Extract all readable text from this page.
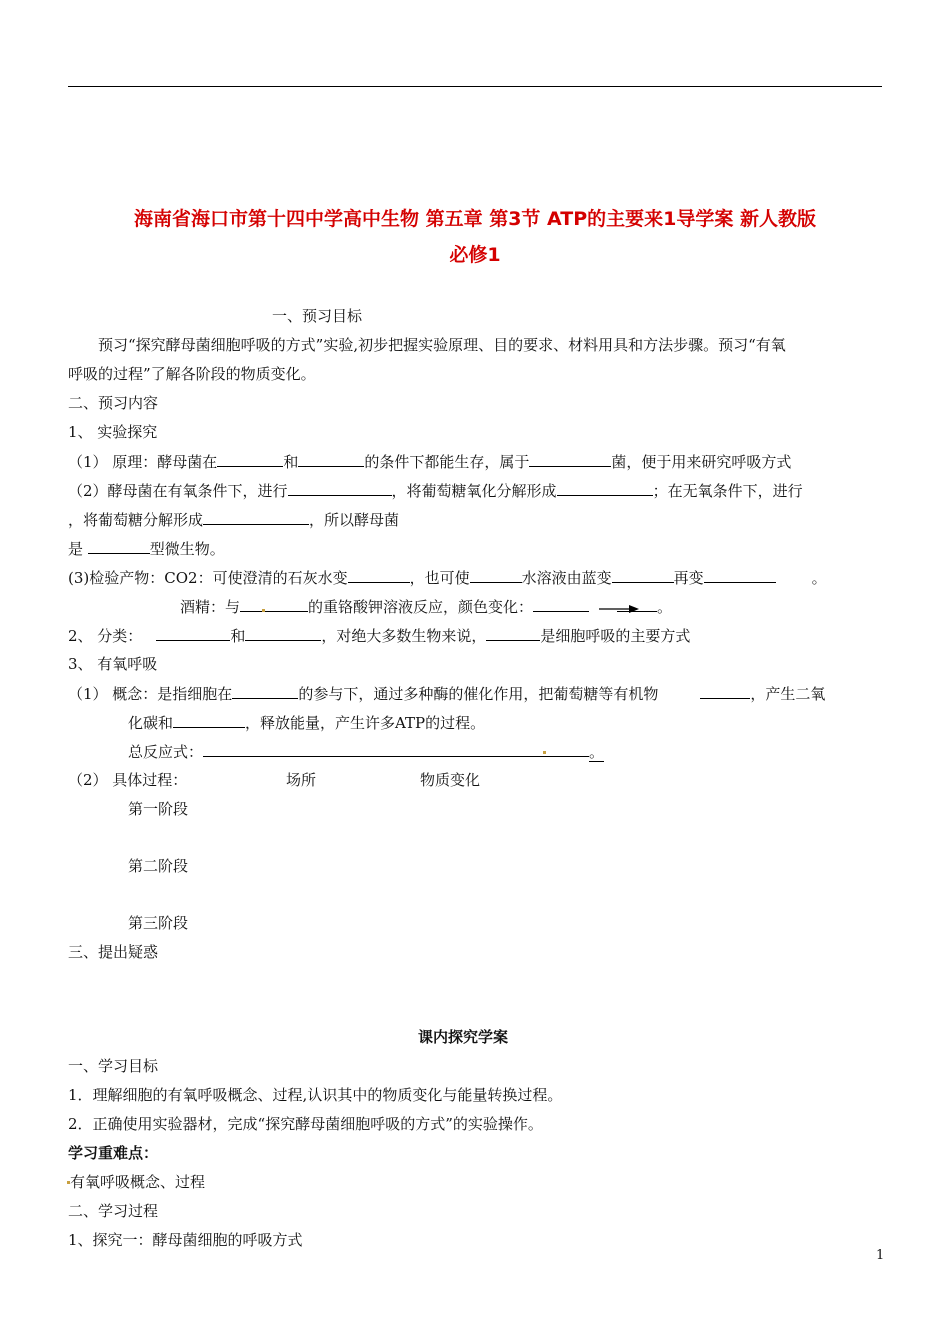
海南省海口市第十四中学高中生物 第五章 第3节 ATP的主要来1导学案 新人教版
必修1
一、预习目标
预习“探究酵母菌细胞呼吸的方式”实验,初步把握实验原理、目的要求、材料用具和方法步骤。预习“有氧
呼吸的过程”了解各阶段的物质变化。
二、预习内容
1、 实验探究
（1） 原理：酵母菌在	和	的条件下都能生存，属于	菌，便于用来研究呼吸方式
（2）酵母菌在有氧条件下，进行	，将葡萄糖氧化分解形成	；在无氧条件下，进行
，将葡萄糖分解形成	，所以酵母菌
是	型微生物。
(3)检验产物：CO2：可使澄清的石灰水变	，也可使	水溶液由蓝变	再变	。
酒精：与	的重铬酸钾溶液反应，颜色变化：	。
2、 分类：	和	，对绝大多数生物来说，	是细胞呼吸的主要方式
3、 有氧呼吸
（1） 概念：是指细胞在	的参与下，通过多种酶的催化作用，把葡萄糖等有机物	，产生二氧
化碳和	，释放能量，产生许多ATP的过程。
总反应式：	。
（2） 具体过程：	场所	物质变化
第一阶段
第二阶段
第三阶段
三、提出疑惑
课内探究学案
一、学习目标
1．理解细胞的有氧呼吸概念、过程,认识其中的物质变化与能量转换过程。
2．正确使用实验器材，完成“探究酵母菌细胞呼吸的方式”的实验操作。
学习重难点：
有氧呼吸概念、过程
二、学习过程
1、探究一：酵母菌细胞的呼吸方式
1
